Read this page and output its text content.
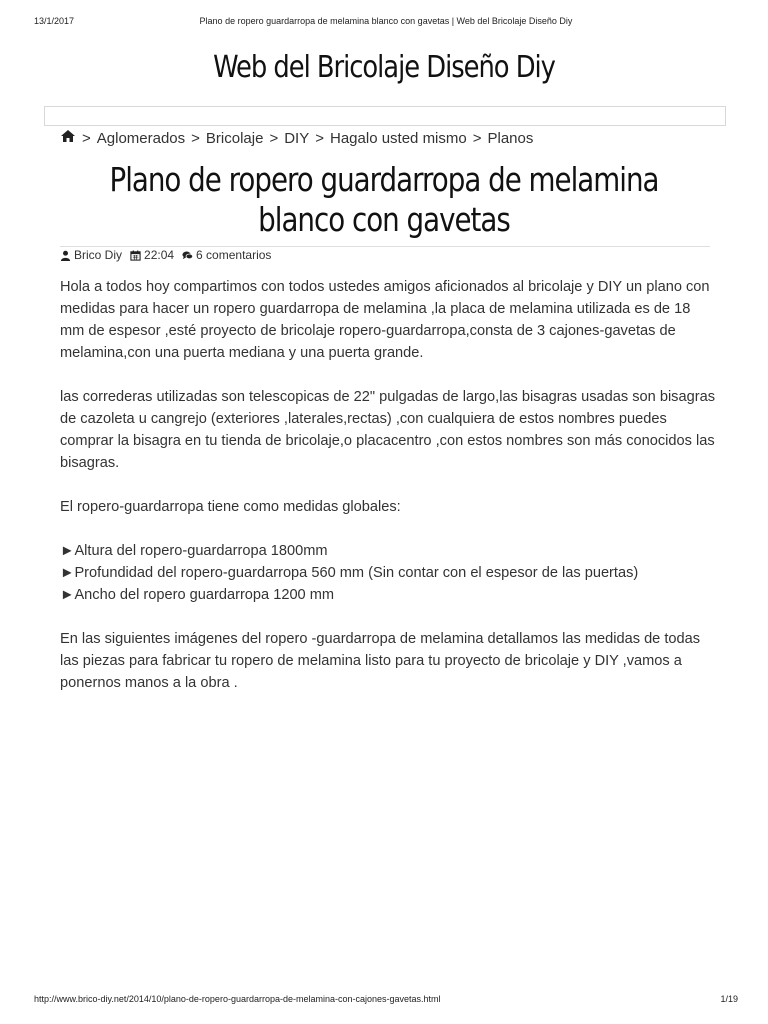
13/1/2017	Plano de ropero guardarropa de melamina blanco con gavetas | Web del Bricolaje Diseño Diy
Web del Bricolaje Diseño Diy
> Aglomerados > Bricolaje > DIY > Hagalo usted mismo > Planos
Plano de ropero guardarropa de melamina blanco con gavetas
Brico Diy 22:04 6 comentarios

Hola a todos hoy compartimos con todos ustedes amigos aficionados al bricolaje y DIY un plano con medidas para hacer un ropero guardarropa de melamina ,la placa de melamina utilizada es de 18 mm de espesor ,esté proyecto de bricolaje ropero-guardarropa,consta de 3 cajones-gavetas de melamina,con una puerta mediana y una puerta grande.

las correderas utilizadas son telescopicas de 22" pulgadas de largo,las bisagras usadas son bisagras de cazoleta u cangrejo (exteriores ,laterales,rectas) ,con cualquiera de estos nombres puedes comprar la bisagra en tu tienda de bricolaje,o placacentro ,con estos nombres son más conocidos las bisagras.

El ropero-guardarropa tiene como medidas globales:

►Altura del ropero-guardarropa 1800mm
►Profundidad del ropero-guardarropa 560 mm (Sin contar con el espesor de las puertas)
►Ancho del ropero guardarropa 1200 mm

En las siguientes imágenes del ropero -guardarropa de melamina detallamos las medidas de todas las piezas para fabricar tu ropero de melamina listo para tu proyecto de bricolaje y DIY ,vamos a ponernos manos a la obra .

http://www.brico-diy.net/2014/10/plano-de-ropero-guardarropa-de-melamina-con-cajones-gavetas.html	1/19
